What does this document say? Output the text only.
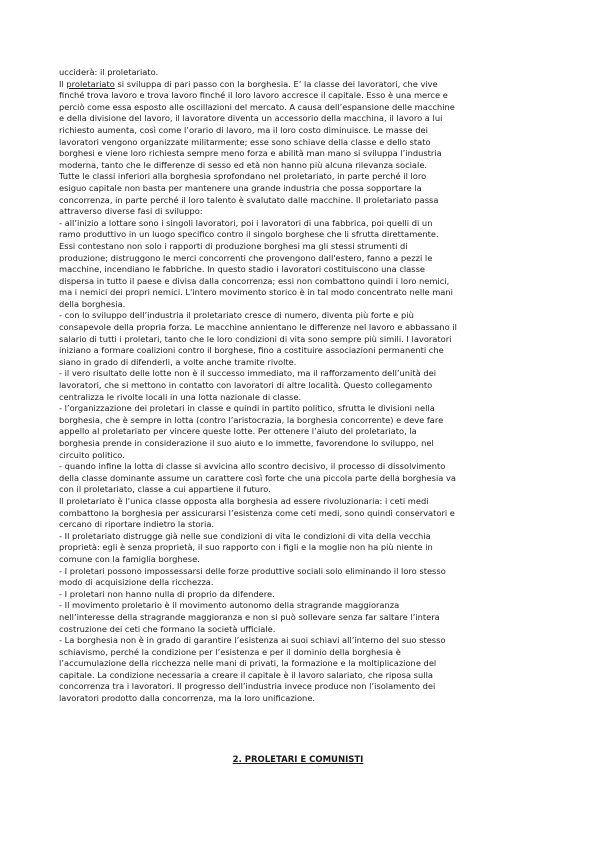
ucciderà: il proletariato.
Il proletariato si sviluppa di pari passo con la borghesia. E’ la classe dei lavoratori, che vive
finché trova lavoro e trova lavoro finché il loro lavoro accresce il capitale. Esso è una merce e
perciò come essa esposto alle oscillazioni del mercato. A causa dell’espansione delle macchine
e della divisione del lavoro, il lavoratore diventa un accessorio della macchina, il lavoro a lui
richiesto aumenta, così come l’orario di lavoro, ma il loro costo diminuisce. Le masse dei
lavoratori vengono organizzate militarmente; esse sono schiave della classe e dello stato
borghesi e viene loro richiesta sempre meno forza e abilità man mano si sviluppa l’industria
moderna, tanto che le differenze di sesso ed età non hanno più alcuna rilevanza sociale.
Tutte le classi inferiori alla borghesia sprofondano nel proletariato, in parte perché il loro
esiguo capitale non basta per mantenere una grande industria che possa sopportare la
concorrenza, in parte perché il loro talento è svalutato dalle macchine. Il proletariato passa
attraverso diverse fasi di sviluppo:
- all’inizio a lottare sono i singoli lavoratori, poi i lavoratori di una fabbrica, poi quelli di un
ramo produttivo in un luogo specifico contro il singolo borghese che li sfrutta direttamente.
Essi contestano non solo i rapporti di produzione borghesi ma gli stessi strumenti di
produzione; distruggono le merci concorrenti che provengono dall'estero, fanno a pezzi le
macchine, incendiano le fabbriche. In questo stadio i lavoratori costituiscono una classe
dispersa in tutto il paese e divisa dalla concorrenza; essi non combattono quindi i loro nemici,
ma i nemici dei propri nemici. L'intero movimento storico è in tal modo concentrato nelle mani
della borghesia.
- con lo sviluppo dell’industria il proletariato cresce di numero, diventa più forte e più
consapevole della propria forza. Le macchine annientano le differenze nel lavoro e abbassano il
salario di tutti i proletari, tanto che le loro condizioni di vita sono sempre più simili. I lavoratori
iniziano a formare coalizioni contro il borghese, fino a costituire associazioni permanenti che
siano in grado di difenderli, a volte anche tramite rivolte.
- il vero risultato delle lotte non è il successo immediato, ma il rafforzamento dell’unità dei
lavoratori, che si mettono in contatto con lavoratori di altre località. Questo collegamento
centralizza le rivolte locali in una lotta nazionale di classe.
- l’organizzazione dei proletari in classe e quindi in partito politico, sfrutta le divisioni nella
borghesia, che è sempre in lotta (contro l’aristocrazia, la borghesia concorrente) e deve fare
appello al proletariato per vincere queste lotte. Per ottenere l’aiuto del proletariato, la
borghesia prende in considerazione il suo aiuto e lo immette, favorendone lo sviluppo, nel
circuito politico.
- quando infine la lotta di classe si avvicina allo scontro decisivo, il processo di dissolvimento
della classe dominante assume un carattere così forte che una piccola parte della borghesia va
con il proletariato, classe a cui appartiene il futuro.
Il proletariato è l’unica classe opposta alla borghesia ad essere rivoluzionaria: i ceti medi
combattono la borghesia per assicurarsi l’esistenza come ceti medi, sono quindi conservatori e
cercano di riportare indietro la storia.
- Il proletariato distrugge già nelle sue condizioni di vita le condizioni di vita della vecchia
proprietà: egli è senza proprietà, il suo rapporto con i figli e la moglie non ha più niente in
comune con la famiglia borghese.
- I proletari possono impossessarsi delle forze produttive sociali solo eliminando il loro stesso
modo di acquisizione della ricchezza.
- I proletari non hanno nulla di proprio da difendere.
- Il movimento proletario è il movimento autonomo della stragrande maggioranza
nell’interesse della stragrande maggioranza e non si può sollevare senza far saltare l’intera
costruzione dei ceti che formano la società ufficiale.
- La borghesia non è in grado di garantire l’esistenza ai suoi schiavi all’interno del suo stesso
schiavismo, perché la condizione per l’esistenza e per il dominio della borghesia è
l’accumulazione della ricchezza nelle mani di privati, la formazione e la moltiplicazione del
capitale. La condizione necessaria a creare il capitale è il lavoro salariato, che riposa sulla
concorrenza tra i lavoratori. Il progresso dell’industria invece produce non l’isolamento dei
lavoratori prodotto dalla concorrenza, ma la loro unificazione.
2. PROLETARI E COMUNISTI
